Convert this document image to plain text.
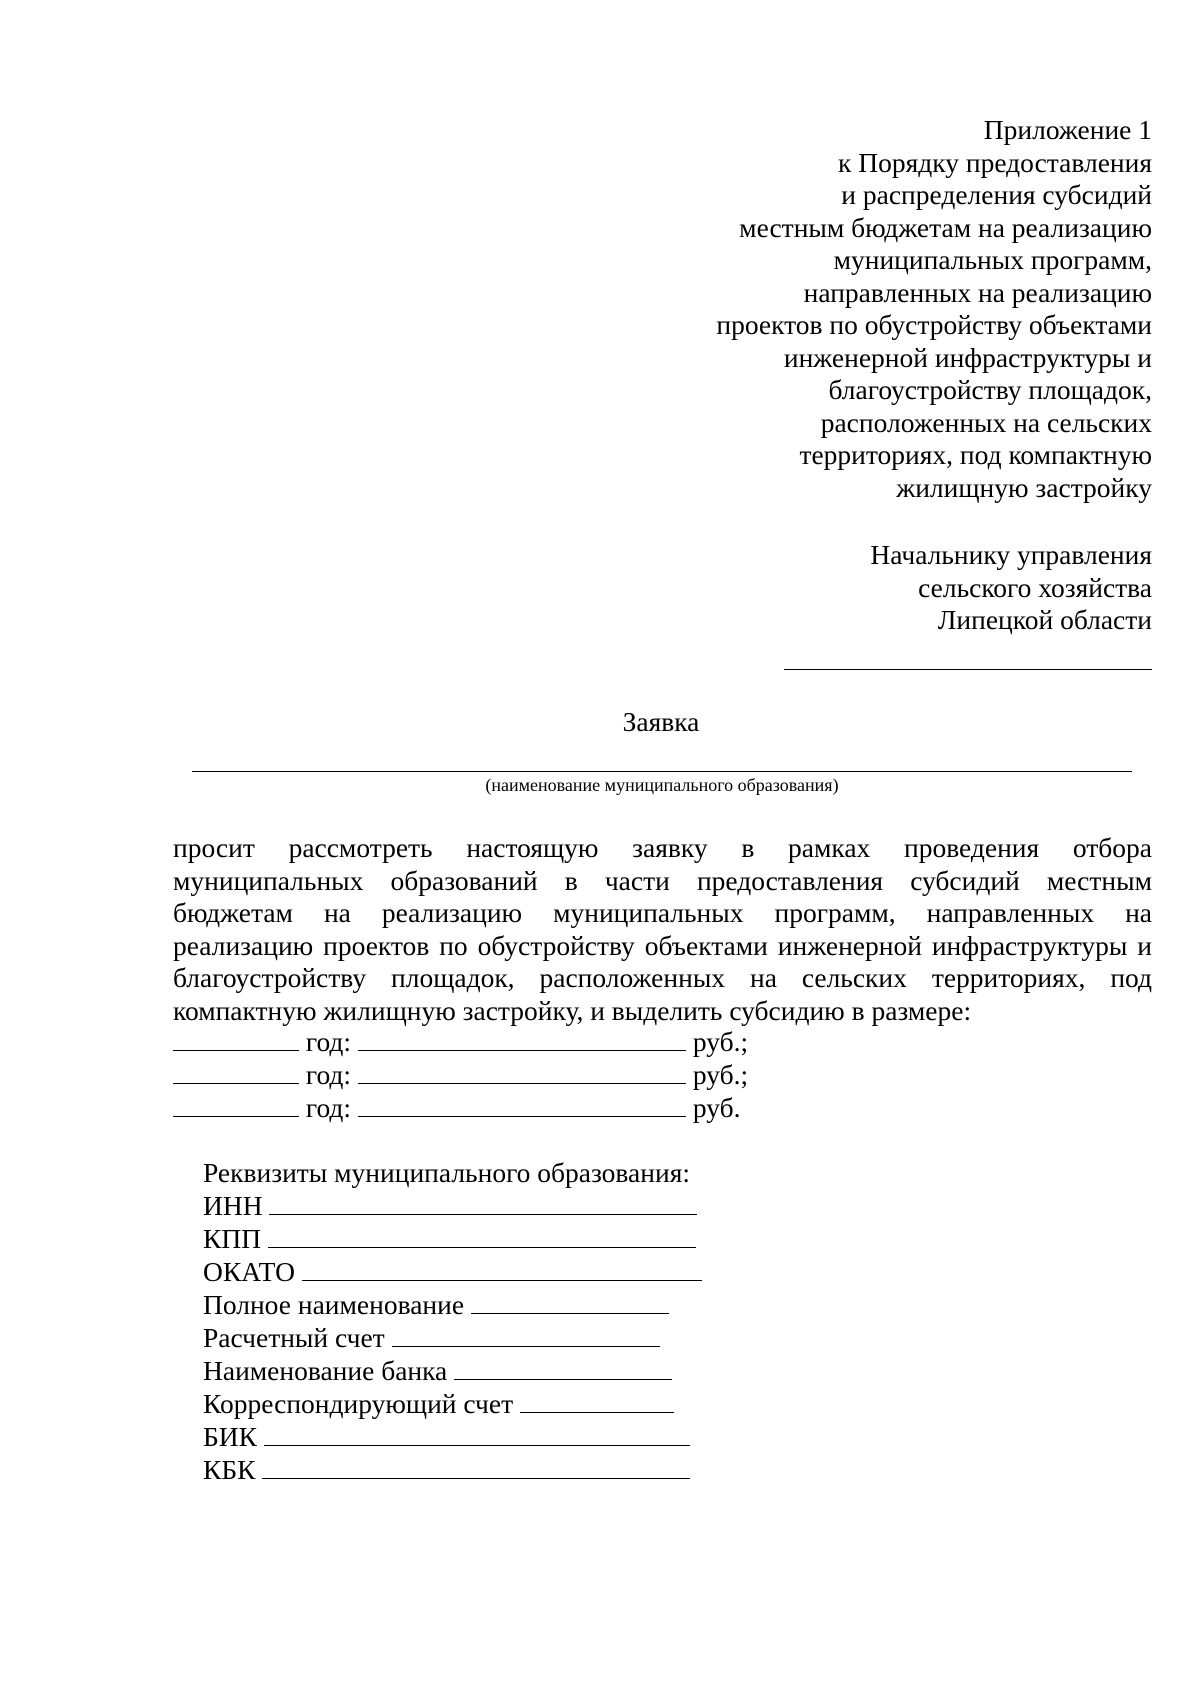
Приложение 1
к Порядку предоставления
и распределения субсидий
местным бюджетам на реализацию
муниципальных программ,
направленных на реализацию
проектов по обустройству объектами
инженерной инфраструктуры и
благоустройству площадок,
расположенных на сельских
территориях, под компактную
жилищную застройку
Начальнику управления
сельского хозяйства
Липецкой области
Заявка
(наименование муниципального образования)
просит рассмотреть настоящую заявку в рамках проведения отбора муниципальных образований в части предоставления субсидий местным бюджетам на реализацию муниципальных программ, направленных на реализацию проектов по обустройству объектами инженерной инфраструктуры и благоустройству площадок, расположенных на сельских территориях, под компактную жилищную застройку, и выделить субсидию в размере:
год:	руб.;
год:	руб.;
год:	руб.
Реквизиты муниципального образования:
ИНН
КПП
ОКАТО
Полное наименование
Расчетный счет
Наименование банка
Корреспондирующий счет
БИК
КБК
